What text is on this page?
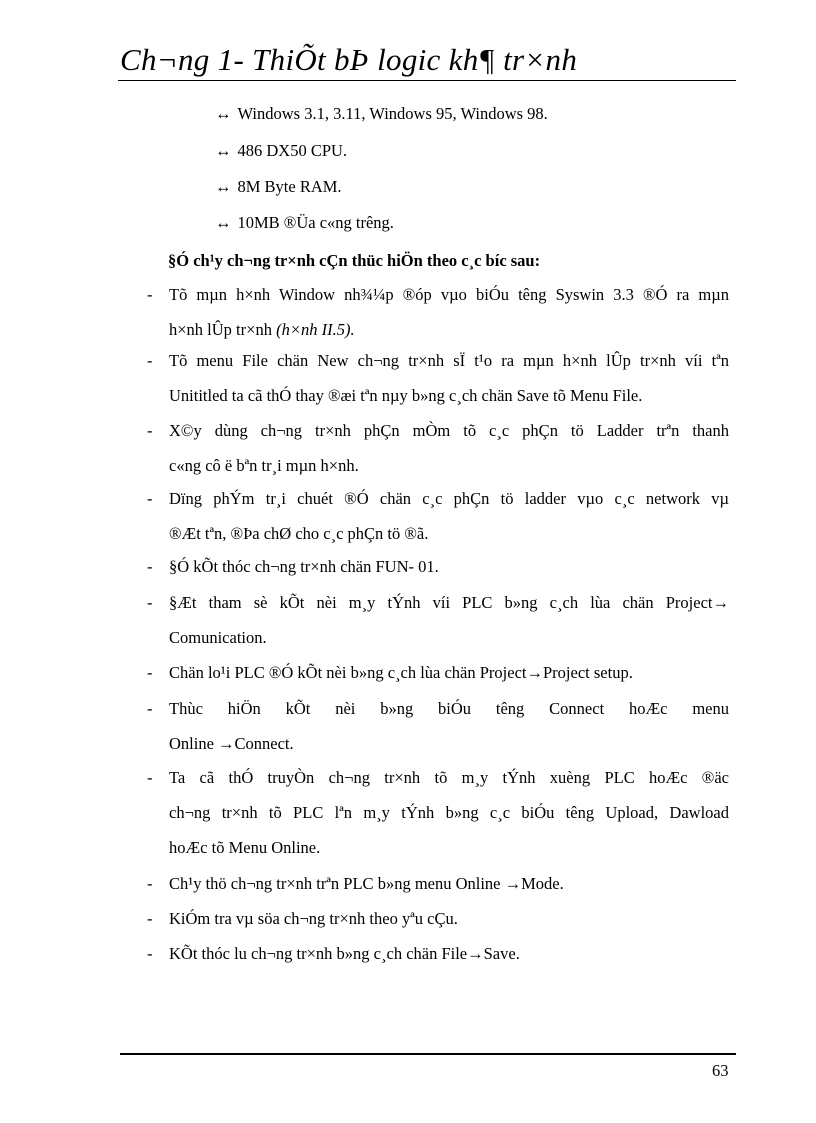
Ch¬ng 1- ThiÕt bÞ logic kh¶ tr×nh
↔ Windows 3.1, 3.11, Windows 95, Windows 98.
↔ 486 DX50 CPU.
↔ 8M Byte RAM.
↔ 10MB ®Üa c«ng trêng.
§Ó ch¹y ch¬ng tr×nh cÇn thüc hiÖn theo c¸c bíc sau:
- Tõ mµn h×nh Window nh¾¼p ®óp vµo biÓu têng Syswin 3.3 ®Ó ra mµn
h×nh lÛp tr×nh (h×nh II.5).
- Tõ menu File chän New ch¬ng tr×nh sÏ t¹o ra mµn h×nh lÛp tr×nh víi tªn
Unititled ta cã thÓ thay ®æi tªn nµy b»ng c¸ch chän Save tõ Menu File.
- X©y dùng ch¬ng tr×nh phÇn mÒm tõ c¸c phÇn tö Ladder trªn thanh
c«ng cô ë bªn tr¸i mµn h×nh.
- Dïng phÝm tr¸i chuét ®Ó chän c¸c phÇn tö ladder vµo c¸c network vµ
®Æt tªn, ®Þa chØ cho c¸c phÇn tö ®ã.
- §Ó kÕt thóc ch¬ng tr×nh chän FUN- 01.
- §Æt tham sè kÕt nèi m¸y tÝnh víi PLC b»ng c¸ch lùa chän Project→
Comunication.
- Chän lo¹i PLC ®Ó kÕt nèi b»ng c¸ch lùa chän Project→Project setup.
- Thùc hiÖn kÕt nèi b»ng biÓu têng Connect hoÆc menu
Online →Connect.
- Ta cã thÓ truyÒn ch¬ng tr×nh tõ m¸y tÝnh xuèng PLC hoÆc ®äc
ch¬ng tr×nh tõ PLC lªn m¸y tÝnh b»ng c¸c biÓu têng Upload, Dawload
hoÆc tõ Menu Online.
- Ch¹y thö ch¬ng tr×nh trªn PLC b»ng menu Online →Mode.
- KiÓm tra vµ söa ch¬ng tr×nh theo yªu cÇu.
- KÕt thóc lu ch¬ng tr×nh b»ng c¸ch chän File→Save.
63
